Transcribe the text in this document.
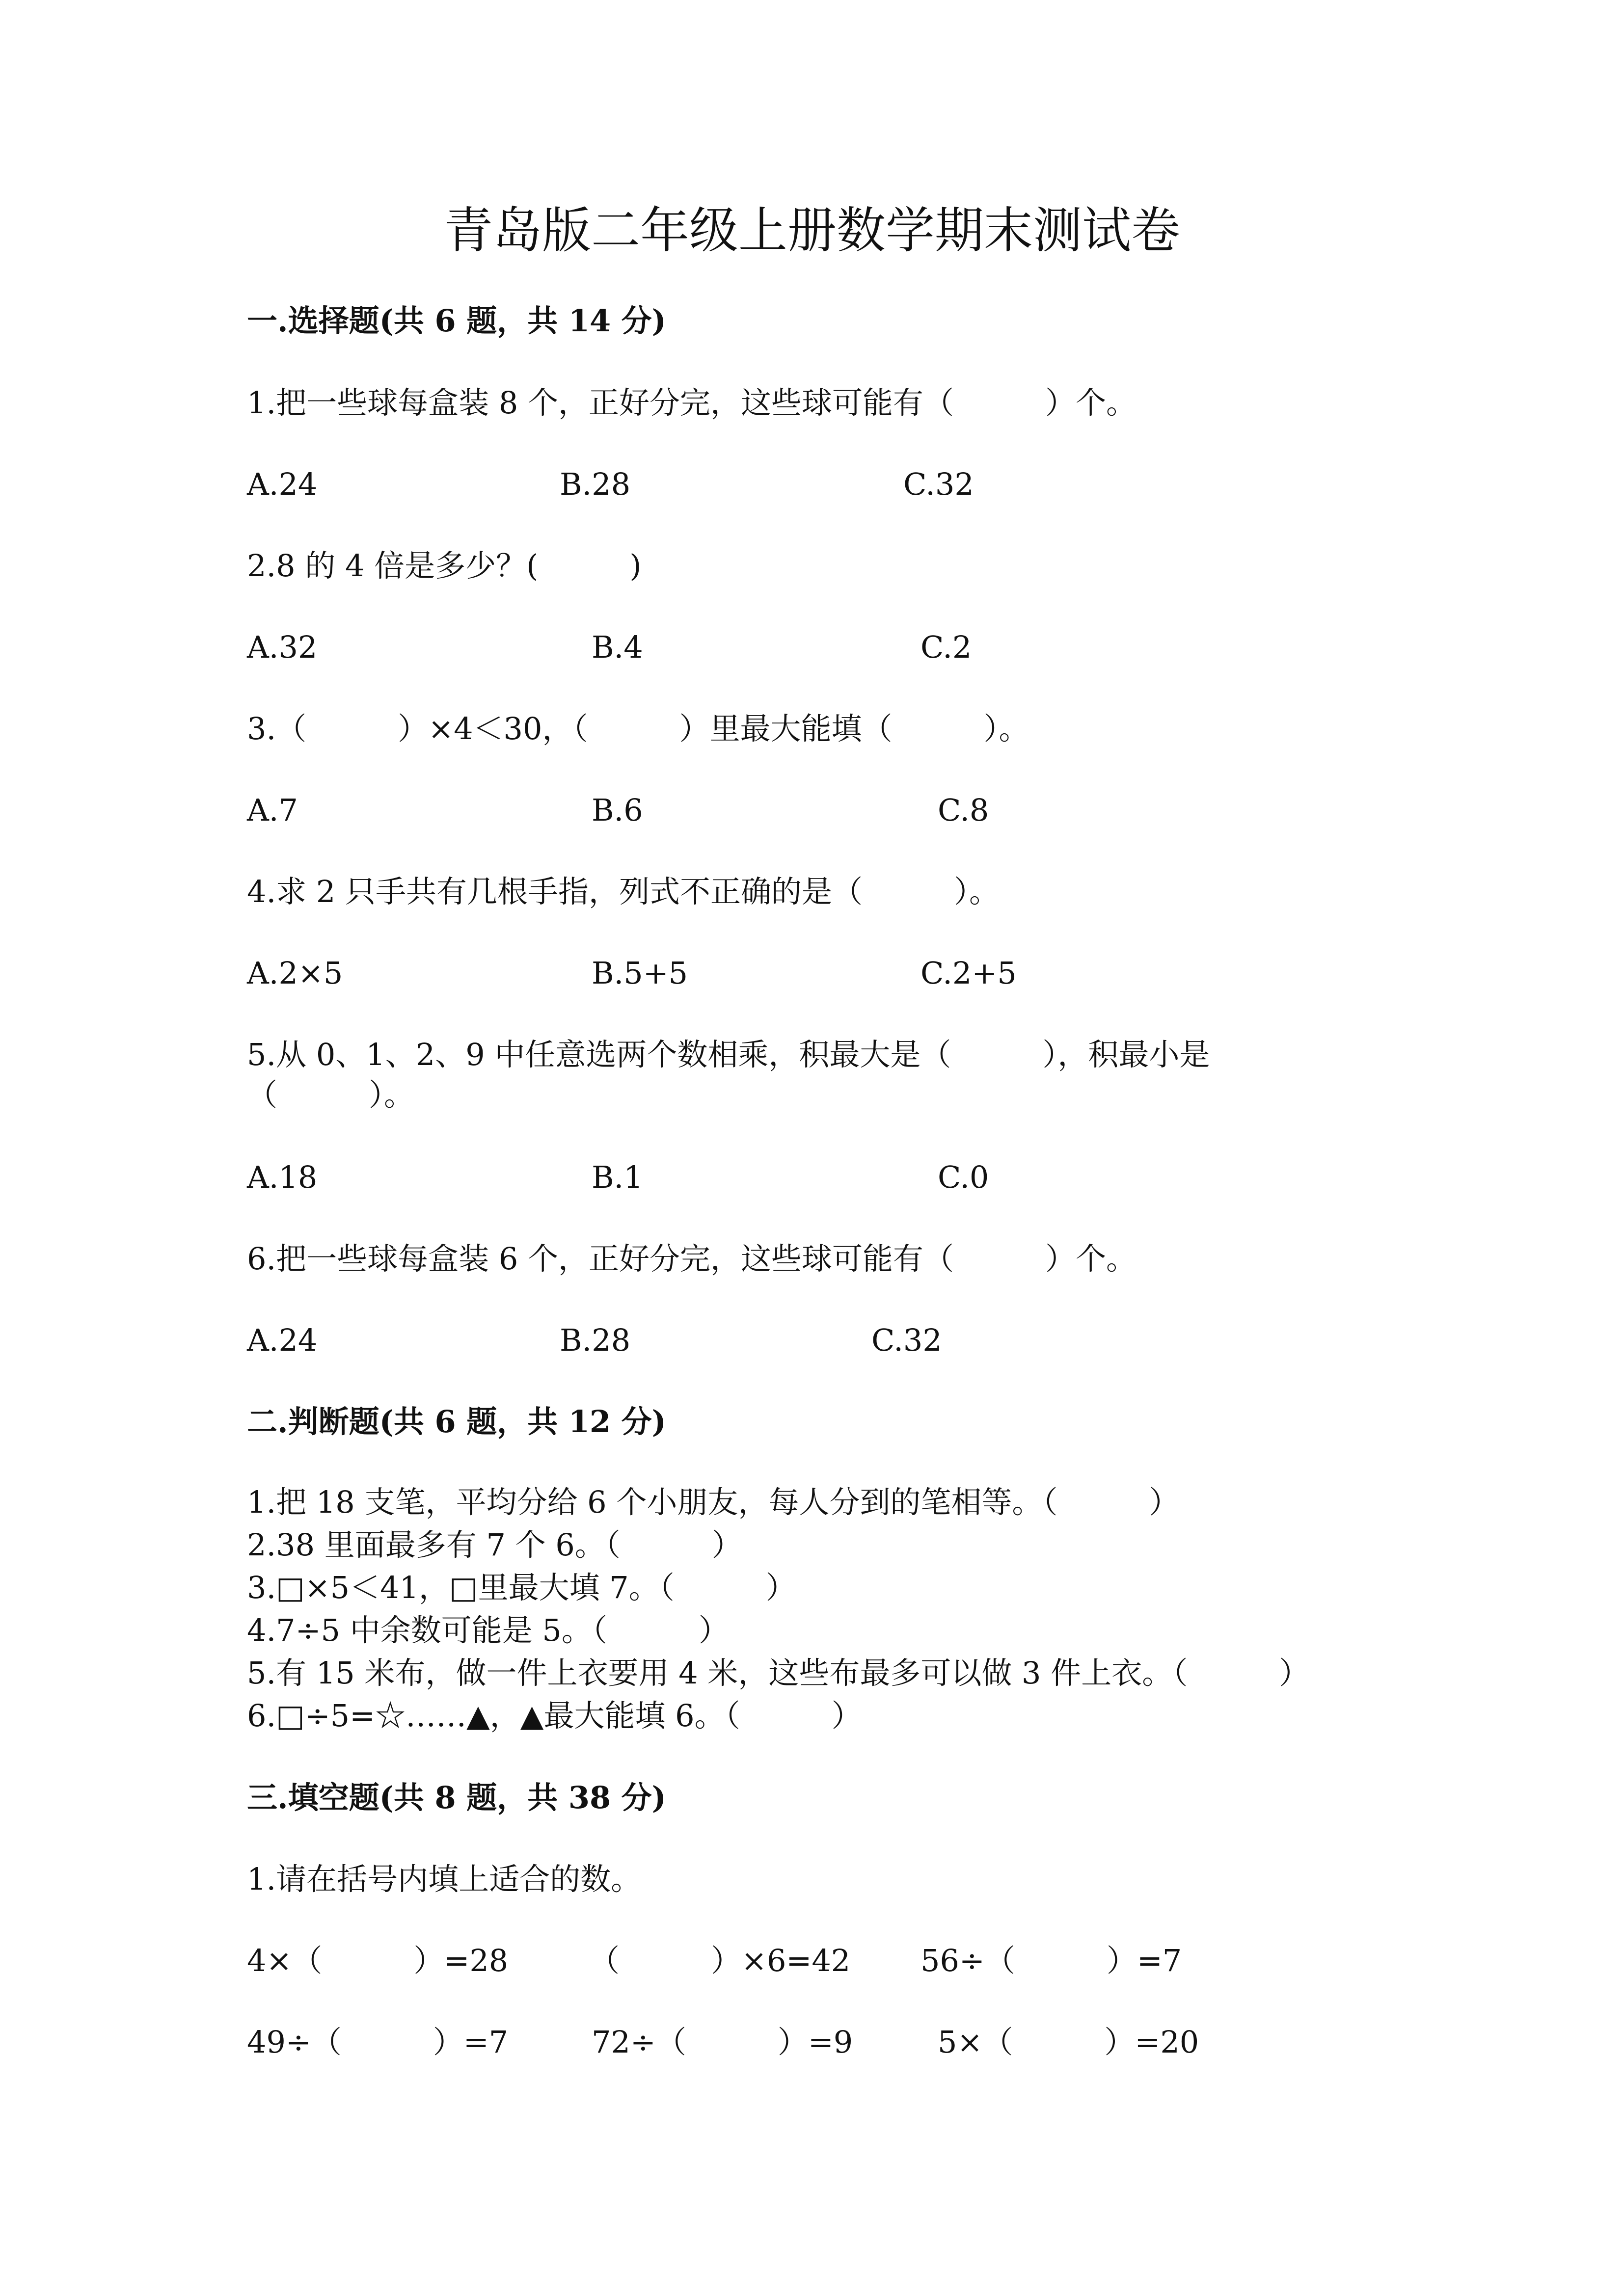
青岛版二年级上册数学期末测试卷
一.选择题(共 6 题，共 14 分)
1.把一些球每盒装 8 个，正好分完，这些球可能有（　　　）个。
A.24	B.28	C.32
2.8 的 4 倍是多少？(　　　)
A.32	B.4	C.2
3.（　　　）×4＜30，（　　　）里最大能填（　　　）。
A.7	B.6	C.8
4.求 2 只手共有几根手指，列式不正确的是（　　　）。
A.2×5	B.5+5	C.2+5
5.从 0、1、2、9 中任意选两个数相乘，积最大是（　　　），积最小是
（　　　）。
A.18	B.1	C.0
6.把一些球每盒装 6 个，正好分完，这些球可能有（　　　）个。
A.24	B.28	C.32
二.判断题(共 6 题，共 12 分)
1.把 18 支笔，平均分给 6 个小朋友，每人分到的笔相等。（　　　）
2.38 里面最多有 7 个 6。（　　　）
3.□×5＜41，□里最大填 7。（　　　）
4.7÷5 中余数可能是 5。（　　　）
5.有 15 米布，做一件上衣要用 4 米，这些布最多可以做 3 件上衣。（　　　）
6.□÷5=☆……▲，▲最大能填 6。（　　　）
三.填空题(共 8 题，共 38 分)
1.请在括号内填上适合的数。
4×（　　　）=28	（　　　）×6=42 56÷（　　　）=7
49÷（　　　）=7	72÷（　　　）=9	5×（　　　）=20
